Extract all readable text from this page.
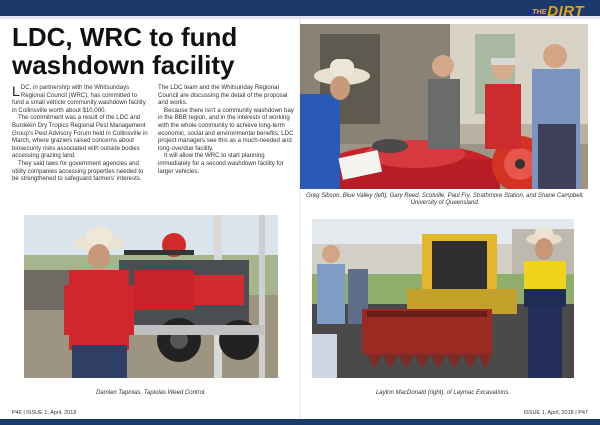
THE DIRT
LDC, WRC to fund washdown facility

LDC, in partnership with the Whitsundays Regional Council (WRC), has committed to fund a small vehicle community washdown facility in Collinsville worth about $10,000.

The commitment was a result of the LDC and Burdekin Dry Tropics Regional Pest Management Group's Pest Advisory Forum held in Collinsville in March, where graziers raised concerns about biosecurity risks associated with outside bodies accessing grazing land.

They said laws for government agencies and utility companies accessing properties needed to be strengthened to safeguard farmers' interests. The LDC team and the Whitsunday Regional Council are discussing the detail of the proposal and works.

Because there isn't a community washdown bay in the BBB region, and in the interests of working with the whole community to achieve long-term economic, social and environmental benefits, LDC project managers see this as a much-needed and long-overdue facility.

It will allow the WRC to start planning immediately for a second washdown facility for larger vehicles.

Greg Sibson, Blue Valley (left), Gary Reed, Scotville, Paul Fry, Strathmore Station, and Shane Campbell, University of Queensland.
Damien Tapiolas, Tapiolas Weed Control.	Layton MacDonald (right), of Laymac Excavations.
P46 | ISSUE 1, April, 2018	ISSUE 1, April, 2018 | P47
